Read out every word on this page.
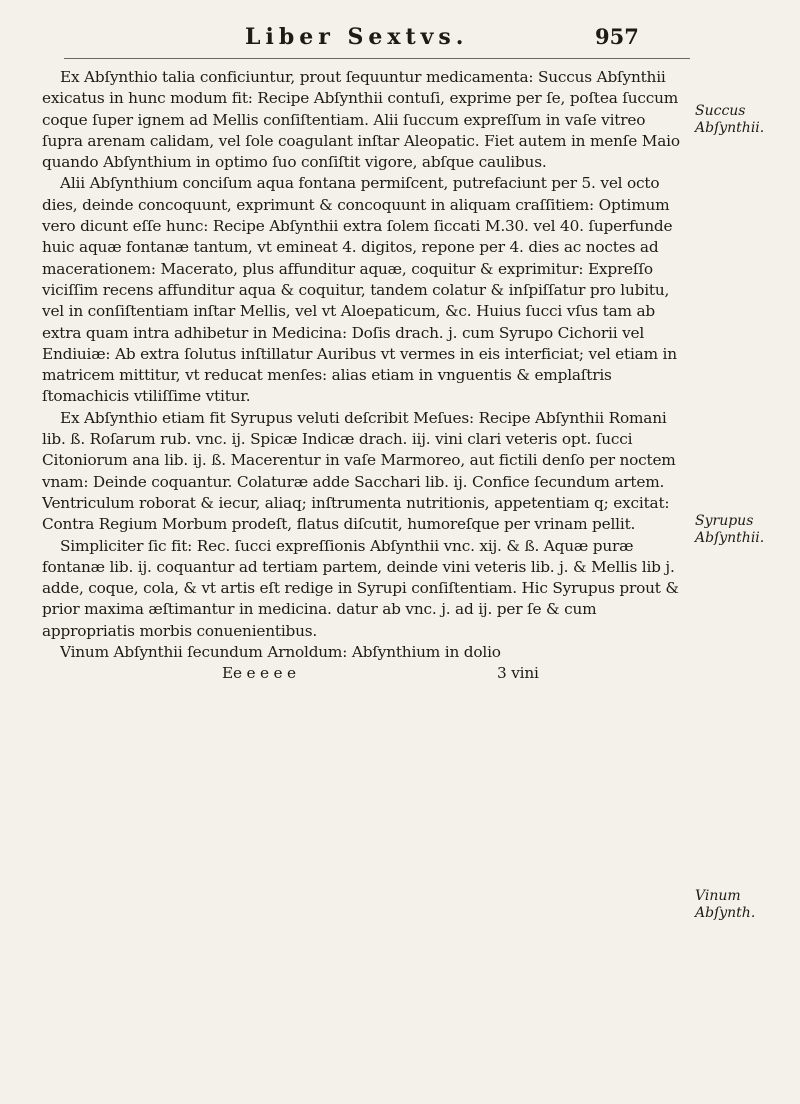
Liber Sextvs.	957

Ex Abſynthio talia conficiuntur, prout ſequuntur medicamenta: Succus Abſynthii exicatus in hunc modum fit: Recipe Abſynthii contuſi, exprime per ſe, poſtea ſuccum coque ſuper ignem ad Mellis conſiſtentiam. Alii ſuccum expreſſum in vaſe vitreo ſupra arenam calidam, vel ſole coagulant inſtar Aleopatic. Fiet autem in menſe Maio quando Abſynthium in optimo ſuo conſiſtit vigore, abſque caulibus.

Alii Abſynthium conciſum aqua fontana permiſcent, putrefaciunt per 5. vel octo dies, deinde concoquunt, exprimunt & concoquunt in aliquam craſſitiem: Optimum vero dicunt eſſe hunc: Recipe Abſynthii extra ſolem ſiccati M.30. vel 40. ſuperfunde huic aquæ fontanæ tantum, vt emineat 4. digitos, repone per 4. dies ac noctes ad macerationem: Macerato, plus affunditur aquæ, coquitur & exprimitur: Expreſſo viciſſim recens affunditur aqua & coquitur, tandem colatur & inſpiſſatur pro lubitu, vel in conſiſtentiam inſtar Mellis, vel vt Aloepaticum, &c. Huius ſucci vſus tam ab extra quam intra adhibetur in Medicina: Doſis drach. j. cum Syrupo Cichorii vel Endiuiæ: Ab extra ſolutus inſtillatur Auribus vt vermes in eis interficiat; vel etiam in matricem mittitur, vt reducat menſes: alias etiam in vnguentis & emplaſtris ſtomachicis vtiliſſime vtitur.

Ex Abſynthio etiam fit Syrupus veluti deſcribit Meſues: Recipe Abſynthii Romani lib. ß. Roſarum rub. vnc. ij. Spicæ Indicæ drach. iij. vini clari veteris opt. ſucci Citoniorum ana lib. ij. ß. Macerentur in vaſe Marmoreo, aut fictili denſo per noctem vnam: Deinde coquantur. Colaturæ adde Sacchari lib. ij. Confice ſecundum artem. Ventriculum roborat & iecur, aliaq; inſtrumenta nutritionis, appetentiam q; excitat: Contra Regium Morbum prodeſt, flatus diſcutit, humoreſque per vrinam pellit.

Simpliciter ſic fit: Rec. ſucci expreſſionis Abſynthii vnc. xij. & ß. Aquæ puræ fontanæ lib. ij. coquantur ad tertiam partem, deinde vini veteris lib. j. & Mellis lib j. adde, coque, cola, & vt artis eſt redige in Syrupi conſiſtentiam. Hic Syrupus prout & prior maxima æſtimantur in medicina. datur ab vnc. j. ad ij. per ſe & cum appropriatis morbis conuenientibus.

Vinum Abſynthii ſecundum Arnoldum: Abſynthium in dolio

Ee e e e e	3 vini
Succus Abſynthii.
Syrupus Abſynthii.
Vinum Abſynth.
